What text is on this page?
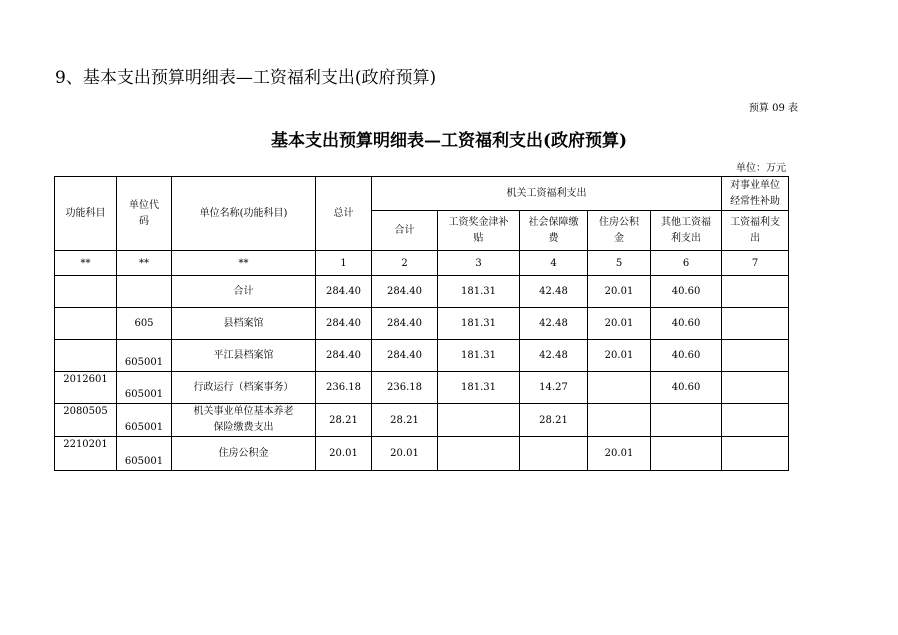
9、基本支出预算明细表—工资福利支出(政府预算)
预算 09 表
基本支出预算明细表—工资福利支出(政府预算)
单位：万元
功能科目	单位代
码	单位名称(功能科目)	总计	机关工资福利支出					对事业单位
经常性补助

				合计	工资奖金津补
贴	社会保障缴
费	住房公积
金	其他工资福
利支出	工资福利支
出

**	**	**	1	2	3	4	5	6	7
		合计	284.40	284.40	181.31	42.48	20.01	40.60	
	605	县档案馆	284.40	284.40	181.31	42.48	20.01	40.60	
	605001	平江县档案馆	284.40	284.40	181.31	42.48	20.01	40.60	
2012601	605001	行政运行（档案事务）	236.18	236.18	181.31	14.27		40.60	
2080505	605001	机关事业单位基本养老
保险缴费支出	28.21	28.21		28.21			
2210201	605001	住房公积金	20.01	20.01			20.01		
